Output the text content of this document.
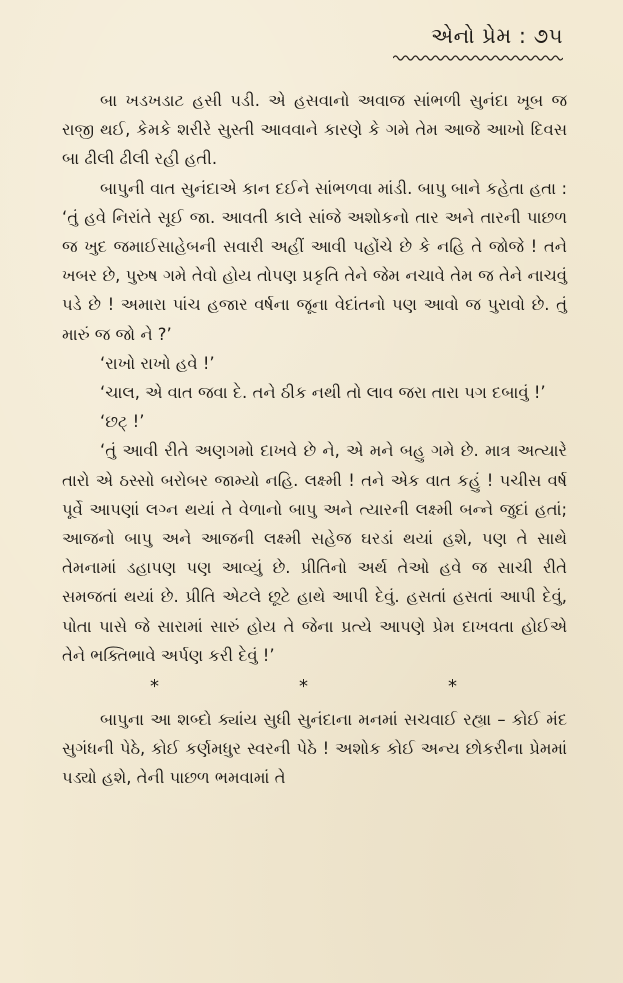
એનો પ્રેમ : ૭૫

બા ખડખડાટ હસી પડી. એ હસવાનો અવાજ સાંભળી સુનંદા ખૂબ જ રાજી થઈ, કેમકે શરીરે સુસ્તી આવવાને કારણે કે ગમે તેમ આજે આખો દિવસ બા ઢીલી ઢીલી રહી હતી.

બાપુની વાત સુનંદાએ કાન દઈને સાંભળવા માંડી. બાપુ બાને કહેતા હતા : ‘તું હવે નિરાંતે સૂઈ જા. આવતી કાલે સાંજે અશોકનો તાર અને તારની પાછળ જ ખુદ જમાઈસાહેબની સવારી અહીં આવી પહોંચે છે કે નહિ તે જોજે ! તને ખબર છે, પુરુષ ગમે તેવો હોય તોપણ પ્રકૃતિ તેને જેમ નચાવે તેમ જ તેને નાચવું પડે છે ! અમારા પાંચ હજાર વર્ષના જૂના વેદાંતનો પણ આવો જ પુરાવો છે. તું મારું જ જો ને ?’

‘રાખો રાખો હવે !’

‘ચાલ, એ વાત જવા દે. તને ઠીક નથી તો લાવ જરા તારા પગ દબાવું !’

‘છટ્ !’

‘તું આવી રીતે અણગમો દાખવે છે ને, એ મને બહુ ગમે છે. માત્ર અત્યારે તારો એ ઠસ્સો બરોબર જામ્યો નહિ. લક્ષ્મી ! તને એક વાત કહું ! પચીસ વર્ષ પૂર્વે આપણાં લગ્ન થયાં તે વેળાનો બાપુ અને ત્યારની લક્ષ્મી બન્ને જુદાં હતાં; આજનો બાપુ અને આજની લક્ષ્મી સહેજ ઘરડાં થયાં હશે, પણ તે સાથે તેમનામાં ડહાપણ પણ આવ્યું છે. પ્રીતિનો અર્થ તેઓ હવે જ સાચી રીતે સમજતાં થયાં છે. પ્રીતિ એટલે છૂટે હાથે આપી દેવું. હસતાં હસતાં આપી દેવું, પોતા પાસે જે સારામાં સારું હોય તે જેના પ્રત્યે આપણે પ્રેમ દાખવતા હોઈએ તેને ભક્તિભાવે અર્પણ કરી દેવું !’

*	*	*

બાપુના આ શબ્દો ક્યાંય સુધી સુનંદાના મનમાં સચવાઈ રહ્યા – કોઈ મંદ સુગંધની પેઠે, કોઈ કર્ણમધુર સ્વરની પેઠે ! અશોક કોઈ અન્ય છોકરીના પ્રેમમાં પડ્યો હશે, તેની પાછળ ભમવામાં તે
